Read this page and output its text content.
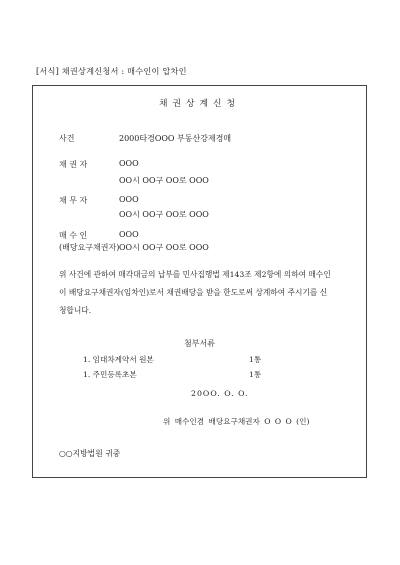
[서식] 채권상계신청서 : 매수인이 압차인
채권상계신청
사건	2000타경OOO 부동산강제경매
채 권 자	OOO
OO시 OO구 OO로 OOO
채 무 자	OOO
OO시 OO구 OO로 OOO
매 수 인	OOO
(배당요구채권자) OO시 OO구 OO로 OOO
위 사건에 관하여 매각대금의 납부를 민사집행법 제143조 제2항에 의하여 매수인
이 배당요구채권자(임차인)로서 채권배당을 받을 한도로써 상계하여 주시기를 신
청합니다.
첨부서류
1. 임대차계약서 원본	1통
1. 주민등록초본	1통
20OO. O. O.
위 매수인겸 배당요구채권자 O O O (인)
○○지방법원 귀중
